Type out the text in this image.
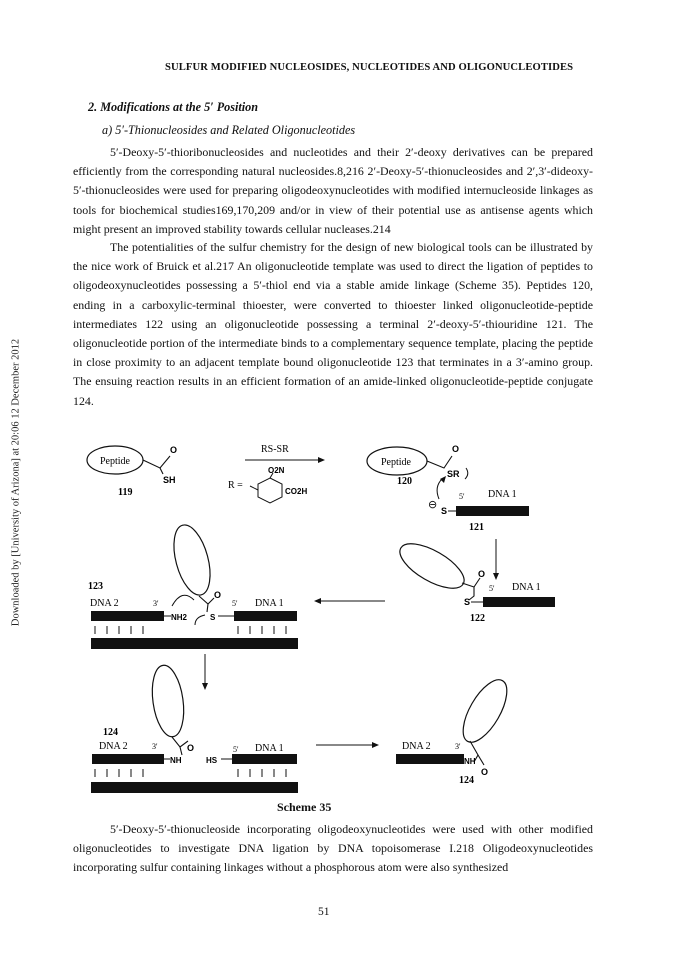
Downloaded by [University of Arizona] at 20:06 12 December 2012
SULFUR MODIFIED NUCLEOSIDES, NUCLEOTIDES AND OLIGONUCLEOTIDES
2. Modifications at the 5′ Position
a) 5′-Thionucleosides and Related Oligonucleotides

5′-Deoxy-5′-thioribonucleosides and nucleotides and their 2′-deoxy derivatives can be prepared efficiently from the corresponding natural nucleosides.8,216 2′-Deoxy-5′-thionucleosides and 2′,3′-dideoxy-5′-thionucleosides were used for preparing oligodeoxynucleotides with modified internucleoside linkages as tools for biochemical studies169,170,209 and/or in view of their potential use as antisense agents which might present an improved stability towards cellular nucleases.214

The potentialities of the sulfur chemistry for the design of new biological tools can be illustrated by the nice work of Bruick et al.217 An oligonucleotide template was used to direct the ligation of peptides to oligodeoxynucleotides possessing a 5′-thiol end via a stable amide linkage (Scheme 35). Peptides 120, ending in a carboxylic-terminal thioester, were converted to thioester linked oligonucleotide-peptide intermediates 122 using an oligonucleotide possessing a terminal 2′-deoxy-5′-thiouridine 121. The oligonucleotide portion of the intermediate binds to a complementary sequence template, placing the peptide in close proximity to an adjacent template bound oligonucleotide 123 that terminates in a 3′-amino group. The ensuing reaction results in an efficient formation of an amide-linked oligonucleotide-peptide conjugate 124.

Peptide
O
SH
119
RS-SR
O2N
R =
CO2H
Peptide
O
SR
120
⊖ S
5' DNA 1
121
O
S
5' DNA 1
122
O
123
DNA 2	3'
NH2
5' DNA 1
S
O
124
DNA 2	3'
NH
5' DNA 1
HS
O
DNA 2	3'
NH
124
Scheme 35

5′-Deoxy-5′-thionucleoside incorporating oligodeoxynucleotides were used with other modified oligonucleotides to investigate DNA ligation by DNA topoisomerase I.218 Oligodeoxynucleotides incorporating sulfur containing linkages without a phosphorous atom were also synthesized

51
